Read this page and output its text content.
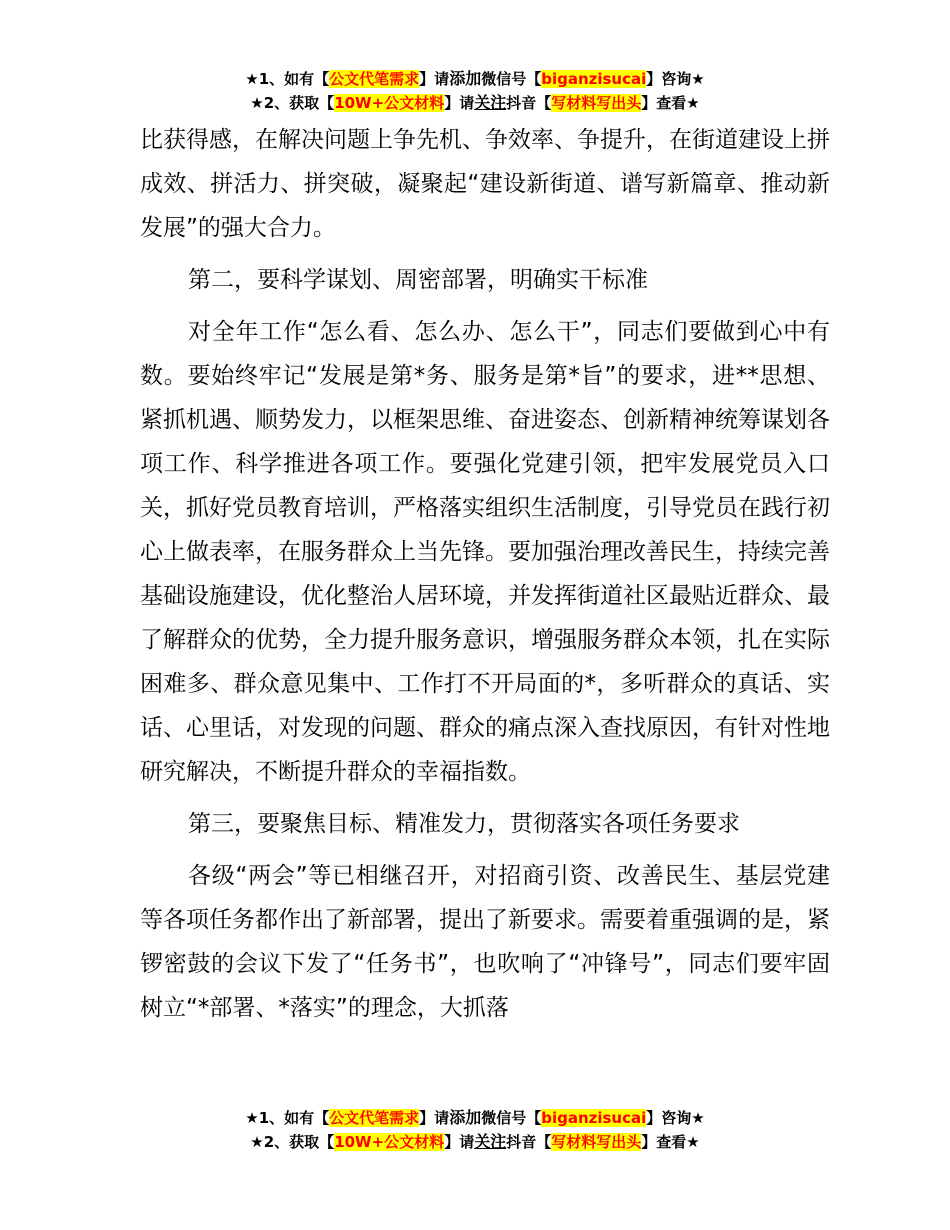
★1、如有【公文代笔需求】请添加微信号【biganzisucai】咨询★
★2、获取【10W+公文材料】请关注抖音【写材料写出头】查看★

比获得感，在解决问题上争先机、争效率、争提升，在街道建设上拼成效、拼活力、拼突破，凝聚起“建设新街道、谱写新篇章、推动新发展”的强大合力。

第二，要科学谋划、周密部署，明确实干标准

对全年工作“怎么看、怎么办、怎么干”，同志们要做到心中有数。要始终牢记“发展是第*务、服务是第*旨”的要求，进**思想、紧抓机遇、顺势发力，以框架思维、奋进姿态、创新精神统筹谋划各项工作、科学推进各项工作。要强化党建引领，把牢发展党员入口关，抓好党员教育培训，严格落实组织生活制度，引导党员在践行初心上做表率，在服务群众上当先锋。要加强治理改善民生，持续完善基础设施建设，优化整治人居环境，并发挥街道社区最贴近群众、最了解群众的优势，全力提升服务意识，增强服务群众本领，扎在实际困难多、群众意见集中、工作打不开局面的*，多听群众的真话、实话、心里话，对发现的问题、群众的痛点深入查找原因，有针对性地研究解决，不断提升群众的幸福指数。

第三，要聚焦目标、精准发力，贯彻落实各项任务要求

各级“两会”等已相继召开，对招商引资、改善民生、基层党建等各项任务都作出了新部署，提出了新要求。需要着重强调的是，紧锣密鼓的会议下发了“任务书”，也吹响了“冲锋号”，同志们要牢固树立“*部署、*落实”的理念，大抓落

★1、如有【公文代笔需求】请添加微信号【biganzisucai】咨询★
★2、获取【10W+公文材料】请关注抖音【写材料写出头】查看★
